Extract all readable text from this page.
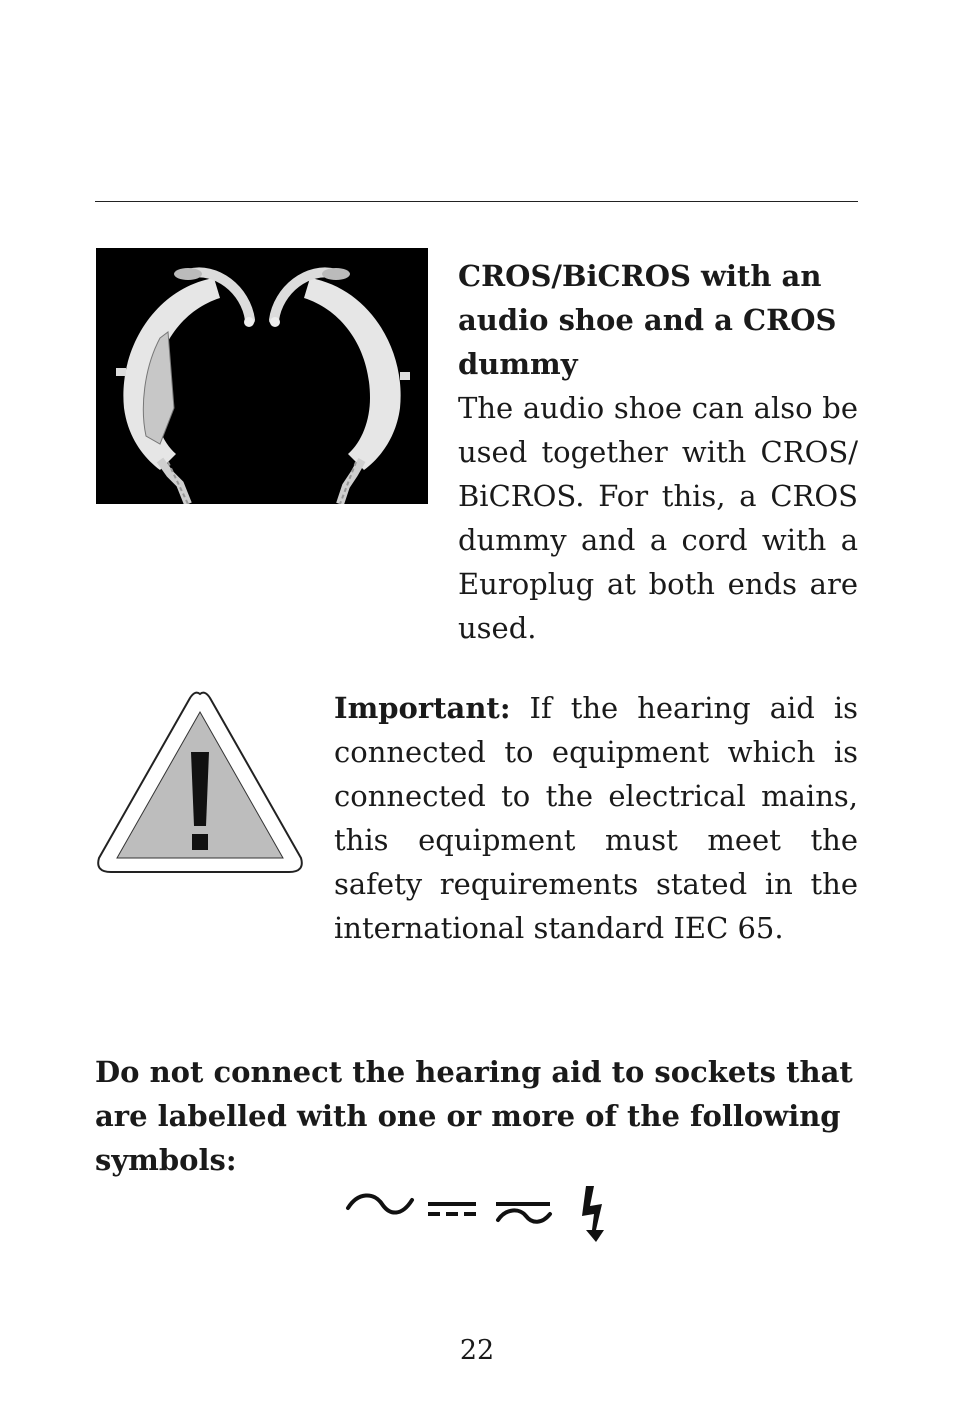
CROS/BiCROS with an audio shoe and a CROS dummy

The audio shoe can also be used together with CROS/ BiCROS. For this, a CROS dummy and a cord with a Europlug at both ends are used.

Important: If the hearing aid is connected to equipment which is connected to the electrical mains, this equipment must meet the safety requirements stated in the international standard IEC 65.

Do not connect the hearing aid to sockets that are labelled with one or more of the following symbols:

22
